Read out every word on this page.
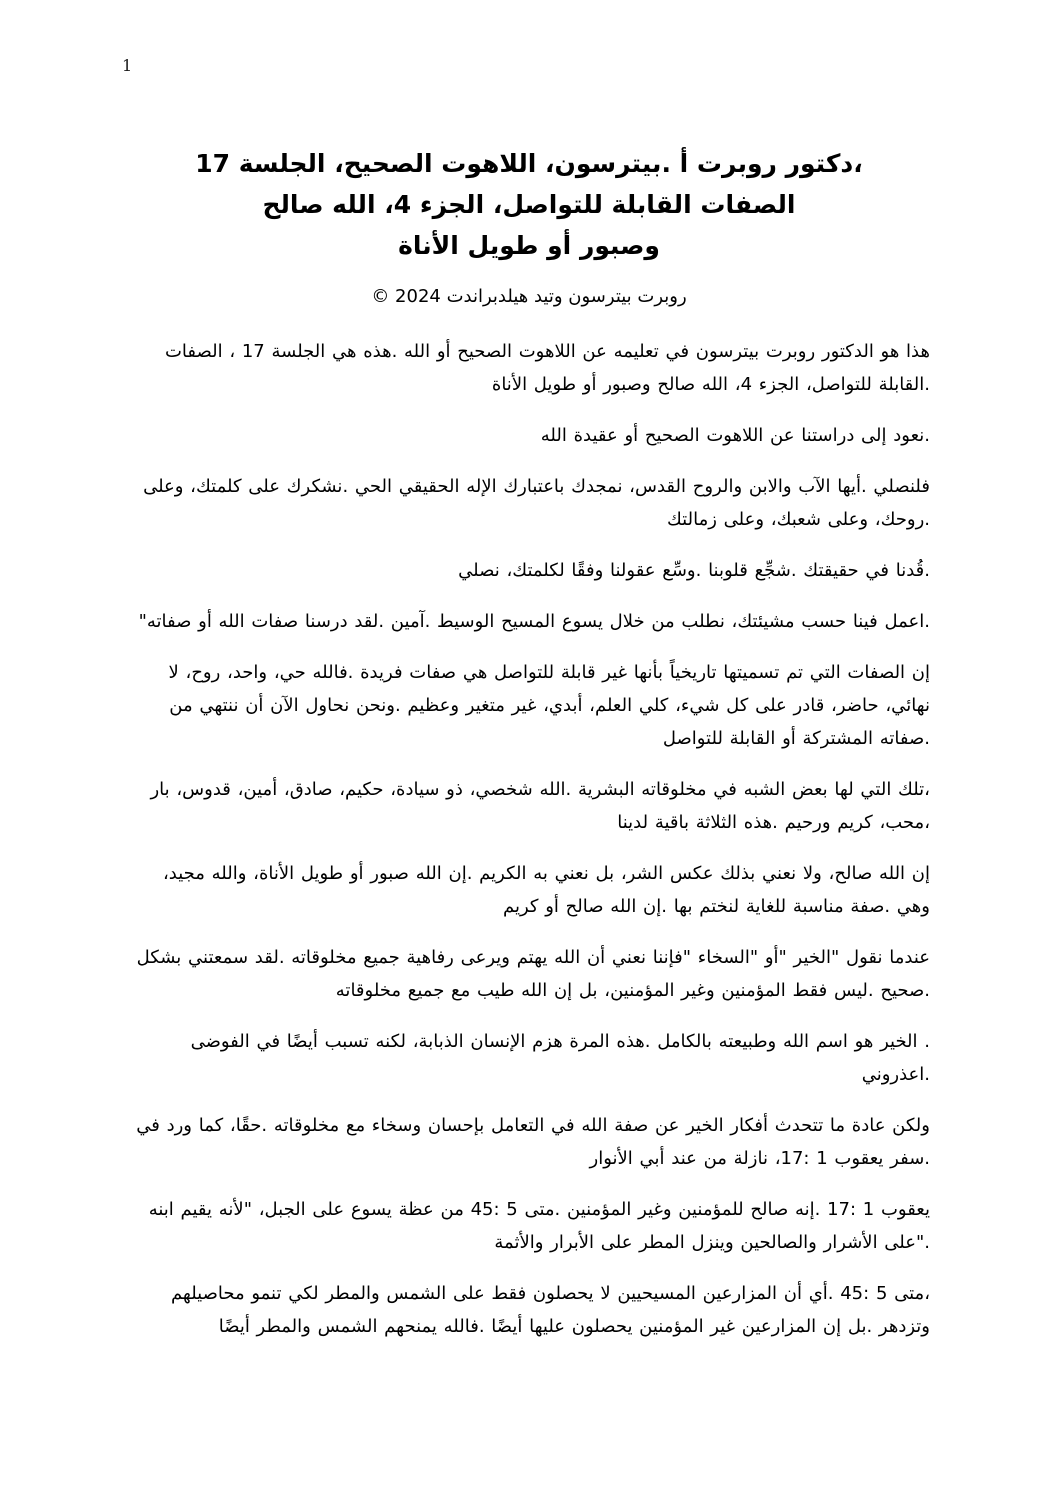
1
،دكتور روبرت أ .بيترسون، اللاهوت الصحيح، الجلسة 17
الصفات القابلة للتواصل، الجزء 4، الله صالح
وصبور أو طويل الأناة
روبرت بيترسون وتيد هيلدبراندت 2024 ©

هذا هو الدكتور روبرت بيترسون في تعليمه عن اللاهوت الصحيح أو الله .هذه هي الجلسة 17 ، الصفات .القابلة للتواصل، الجزء 4، الله صالح وصبور أو طويل الأناة

.نعود إلى دراستنا عن اللاهوت الصحيح أو عقيدة الله

فلنصلي .أيها الآب والابن والروح القدس، نمجدك باعتبارك الإله الحقيقي الحي .نشكرك على كلمتك، وعلى .روحك، وعلى شعبك، وعلى زمالتك

.قُدنا في حقيقتك .شجِّع قلوبنا .وسِّع عقولنا وفقًا لكلمتك، نصلي

.اعمل فينا حسب مشيئتك، نطلب من خلال يسوع المسيح الوسيط .آمين .لقد درسنا صفات الله أو صفاته"

إن الصفات التي تم تسميتها تاريخياً بأنها غير قابلة للتواصل هي صفات فريدة .فالله حي، واحد، روح، لا نهائي، حاضر، قادر على كل شيء، كلي العلم، أبدي، غير متغير وعظيم .ونحن نحاول الآن أن ننتهي من .صفاته المشتركة أو القابلة للتواصل

،تلك التي لها بعض الشبه في مخلوقاته البشرية .الله شخصي، ذو سيادة، حكيم، صادق، أمين، قدوس، بار ،محب، كريم ورحيم .هذه الثلاثة باقية لدينا

إن الله صالح، ولا نعني بذلك عكس الشر، بل نعني به الكريم .إن الله صبور أو طويل الأناة، والله مجيد، وهي .صفة مناسبة للغاية لنختم بها .إن الله صالح أو كريم

عندما نقول "الخير "أو "السخاء "فإننا نعني أن الله يهتم ويرعى رفاهية جميع مخلوقاته .لقد سمعتني بشكل .صحيح .ليس فقط المؤمنين وغير المؤمنين، بل إن الله طيب مع جميع مخلوقاته

. الخير هو اسم الله وطبيعته بالكامل .هذه المرة هزم الإنسان الذبابة، لكنه تسبب أيضًا في الفوضى .اعذروني

ولكن عادة ما تتحدث أفكار الخير عن صفة الله في التعامل بإحسان وسخاء مع مخلوقاته .حقًا، كما ورد في .سفر يعقوب 1 :17، نازلة من عند أبي الأنوار

يعقوب 1 :17 .إنه صالح للمؤمنين وغير المؤمنين .متى 5 :45 من عظة يسوع على الجبل، "لأنه يقيم ابنه ."على الأشرار والصالحين وينزل المطر على الأبرار والأثمة

،متى 5 :45 .أي أن المزارعين المسيحيين لا يحصلون فقط على الشمس والمطر لكي تنمو محاصيلهم وتزدهر .بل إن المزارعين غير المؤمنين يحصلون عليها أيضًا .فالله يمنحهم الشمس والمطر أيضًا
